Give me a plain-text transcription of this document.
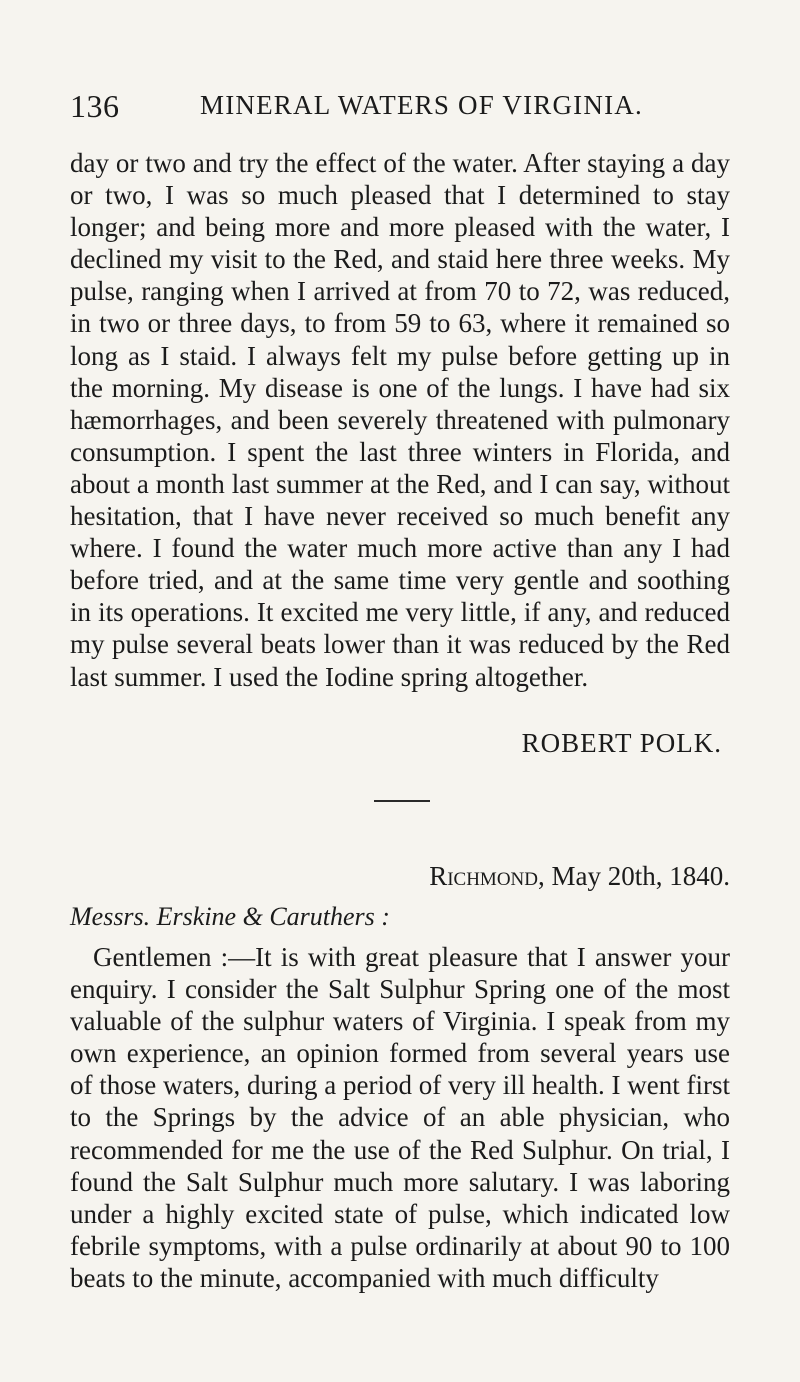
136	MINERAL WATERS OF VIRGINIA.

day or two and try the effect of the water. After staying a day or two, I was so much pleased that I determined to stay longer; and being more and more pleased with the water, I declined my visit to the Red, and staid here three weeks. My pulse, ranging when I arrived at from 70 to 72, was reduced, in two or three days, to from 59 to 63, where it remained so long as I staid. I always felt my pulse before getting up in the morning. My disease is one of the lungs. I have had six hæmorrhages, and been severely threatened with pulmonary consumption. I spent the last three winters in Florida, and about a month last summer at the Red, and I can say, without hesitation, that I have never received so much benefit any where. I found the water much more active than any I had before tried, and at the same time very gentle and soothing in its operations. It excited me very little, if any, and reduced my pulse several beats lower than it was reduced by the Red last summer. I used the Iodine spring altogether.

ROBERT POLK.
Richmond, May 20th, 1840.
Messrs. Erskine & Caruthers :

Gentlemen :—It is with great pleasure that I answer your enquiry. I consider the Salt Sulphur Spring one of the most valuable of the sulphur waters of Virginia. I speak from my own experience, an opinion formed from several years use of those waters, during a period of very ill health. I went first to the Springs by the advice of an able physician, who recommended for me the use of the Red Sulphur. On trial, I found the Salt Sulphur much more salutary. I was laboring under a highly excited state of pulse, which indicated low febrile symptoms, with a pulse ordinarily at about 90 to 100 beats to the minute, accompanied with much difficulty
